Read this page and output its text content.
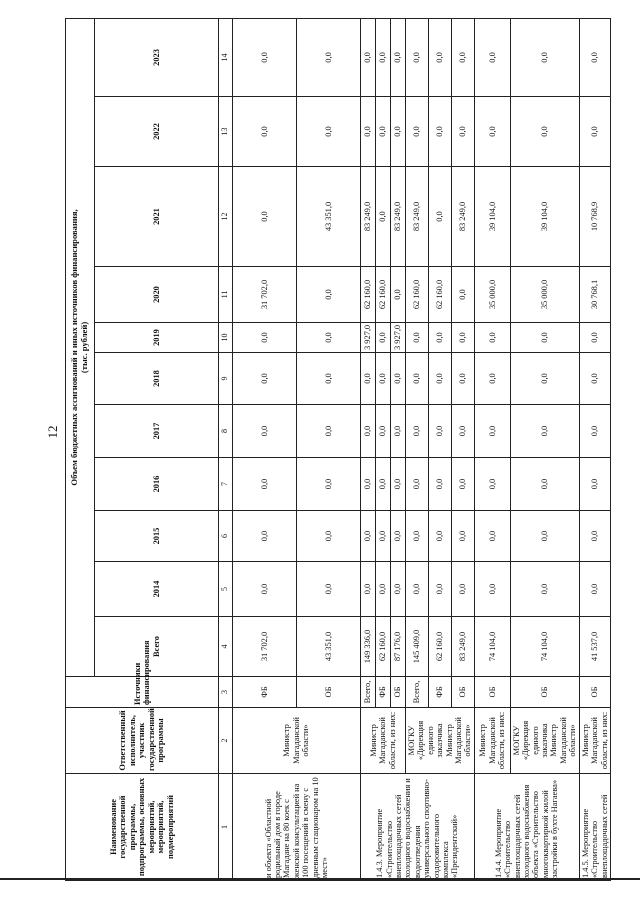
12
Наименование государственной программы, подпрограммы, основных мероприятий, мероприятий, подмероприятий	Ответственный исполнитель, участник государственной программы	Источники финансирования	Объем бюджетных ассигнований и иных источников финансирования, (тыс. рублей)										

			Всего	2014	2015	2016	2017	2018	2019	2020	2021	2022	2023
1	2	3	4	5	6	7	8	9	10	11	12	13	14
и объекта «Областной родильный дом в городе Магадане на 80 коек с женской консультацией на 100 посещений в смену с дневным стационаром на 10 мест»	Министр Магаданской области»	ФБ	31 702,0	0,0	0,0	0,0	0,0	0,0	0,0	31 702,0	0,0	0,0	0,0
		ОБ	43 351,0	0,0	0,0	0,0	0,0	0,0	0,0	0,0	43 351,0	0,0	0,0
1.4.3. Мероприятие «Строительство внеплощадочных сетей холодного водоснабжения и водоотведения универсального спортивно-оздоровительного комплекса «Президентский»	Министр Магаданской области, из них:	Всего,	149 336,0	0,0	0,0	0,0	0,0	0,0	3 927,0	62 160,0	83 249,0	0,0	0,0
		ФБ	62 160,0	0,0	0,0	0,0	0,0	0,0	0,0	62 160,0	0,0	0,0	0,0
		ОБ	87 176,0	0,0	0,0	0,0	0,0	0,0	3 927,0	0,0	83 249,0	0,0	0,0
	МОГКУ «Дирекция единого заказчика Министр Магаданской области»	Всего,	145 409,0	0,0	0,0	0,0	0,0	0,0	0,0	62 160,0	83 249,0	0,0	0,0
		ФБ	62 160,0	0,0	0,0	0,0	0,0	0,0	0,0	62 160,0	0,0	0,0	0,0
		ОБ	83 249,0	0,0	0,0	0,0	0,0	0,0	0,0	0,0	83 249,0	0,0	0,0
1.4.4. Мероприятие «Строительство внеплощадочных сетей холодного водоснабжения объекта «Строительство многоквартирной жилой застройки в бухте Нагаева»	Министр Магаданской области, из них:	ОБ	74 104,0	0,0	0,0	0,0	0,0	0,0	0,0	35 000,0	39 104,0	0,0	0,0
	МОГКУ «Дирекция единого заказчика Министр Магаданской области»	ОБ	74 104,0	0,0	0,0	0,0	0,0	0,0	0,0	35 000,0	39 104,0	0,0	0,0
1.4.5. Мероприятие «Строительство внеплощадочных сетей	Министр Магаданской области, из них:	ОБ	41 537,0	0,0	0,0	0,0	0,0	0,0	0,0	30 768,1	10 768,9	0,0	0,0
